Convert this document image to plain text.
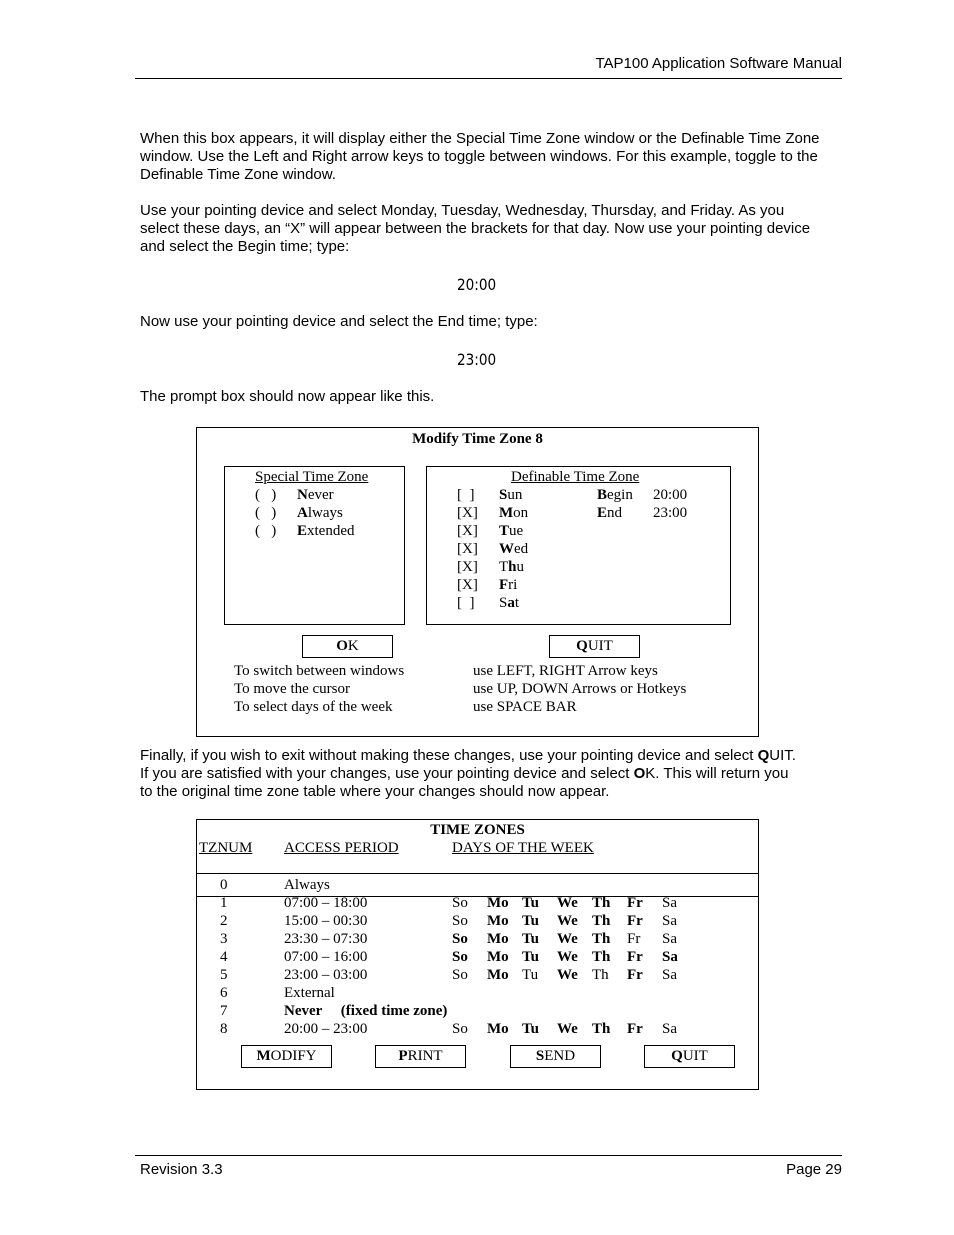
TAP100 Application Software Manual
When this box appears, it will display either the Special Time Zone window or the Definable Time Zone window. Use the Left and Right arrow keys to toggle between windows. For this example, toggle to the Definable Time Zone window.
Use your pointing device and select Monday, Tuesday, Wednesday, Thursday, and Friday. As you select these days, an “X” will appear between the brackets for that day. Now use your pointing device and select the Begin time; type:
20:00
Now use your pointing device and select the End time; type:
23:00
The prompt box should now appear like this.
Modify Time Zone 8
Special Time Zone
(   ) Never
(   ) Always
(   ) Extended
Definable Time Zone
[  ] Sun
[X] Mon
[X] Tue
[X] Wed
[X] Thu
[X] Fri
[  ] Sat
Begin 20:00
End 23:00
OK	QUIT
To switch between windows	use LEFT, RIGHT Arrow keys
To move the cursor	use UP, DOWN Arrows or Hotkeys
To select days of the week	use SPACE BAR
Finally, if you wish to exit without making these changes, use your pointing device and select QUIT. If you are satisfied with your changes, use your pointing device and select OK. This will return you to the original time zone table where your changes should now appear.
TIME ZONES
TZNUM ACCESS PERIOD	DAYS OF THE WEEK
0	Always
1	07:00 – 18:00	So Mo Tu We Th Fr Sa
2	15:00 – 00:30	So Mo Tu We Th Fr Sa
3	23:30 – 07:30	So Mo Tu We Th Fr Sa
4	07:00 – 16:00	So Mo Tu We Th Fr Sa
5	23:00 – 03:00	So Mo Tu We Th Fr Sa
6	External
7	Never     (fixed time zone)
8	20:00 – 23:00	So Mo Tu We Th Fr Sa
MODIFY	PRINT	SEND	QUIT
Revision 3.3	Page 29
